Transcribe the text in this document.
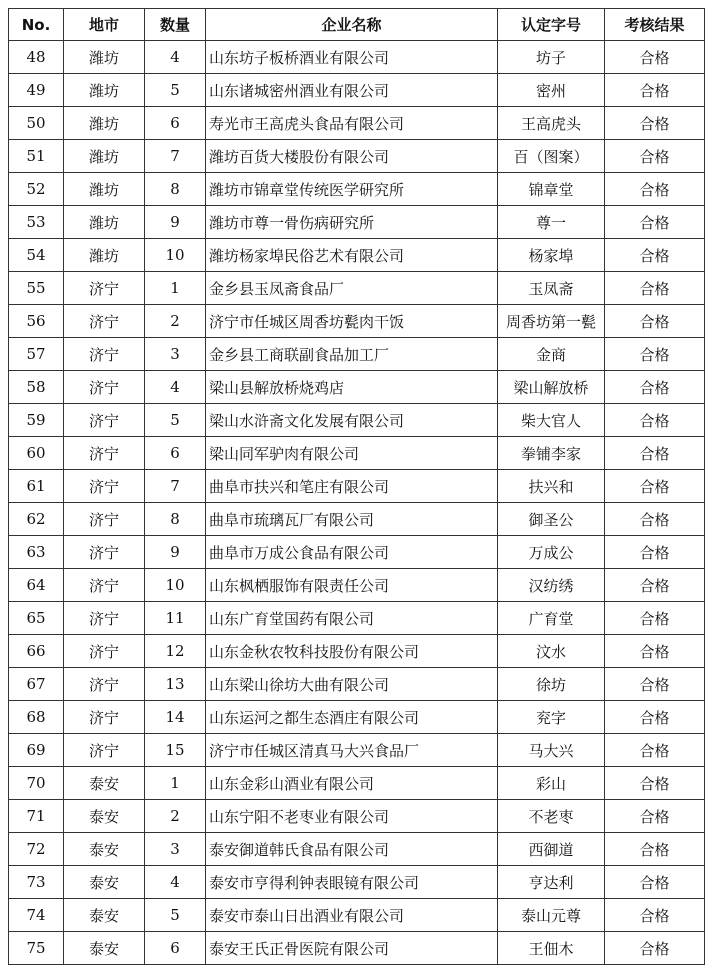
No.	地市	数量	企业名称	认定字号	考核结果
48	潍坊	4	山东坊子板桥酒业有限公司	坊子	合格
49	潍坊	5	山东诸城密州酒业有限公司	密州	合格
50	潍坊	6	寿光市王高虎头食品有限公司	王高虎头	合格
51	潍坊	7	潍坊百货大楼股份有限公司	百（图案）	合格
52	潍坊	8	潍坊市锦章堂传统医学研究所	锦章堂	合格
53	潍坊	9	潍坊市尊一骨伤病研究所	尊一	合格
54	潍坊	10	潍坊杨家埠民俗艺术有限公司	杨家埠	合格
55	济宁	1	金乡县玉凤斋食品厂	玉凤斋	合格
56	济宁	2	济宁市任城区周香坊甏肉干饭	周香坊第一甏	合格
57	济宁	3	金乡县工商联副食品加工厂	金商	合格
58	济宁	4	梁山县解放桥烧鸡店	梁山解放桥	合格
59	济宁	5	梁山水浒斋文化发展有限公司	柴大官人	合格
60	济宁	6	梁山同军驴肉有限公司	拳铺李家	合格
61	济宁	7	曲阜市扶兴和笔庄有限公司	扶兴和	合格
62	济宁	8	曲阜市琉璃瓦厂有限公司	御圣公	合格
63	济宁	9	曲阜市万成公食品有限公司	万成公	合格
64	济宁	10	山东枫栖服饰有限责任公司	汉纺绣	合格
65	济宁	11	山东广育堂国药有限公司	广育堂	合格
66	济宁	12	山东金秋农牧科技股份有限公司	汶水	合格
67	济宁	13	山东梁山徐坊大曲有限公司	徐坊	合格
68	济宁	14	山东运河之都生态酒庄有限公司	兖字	合格
69	济宁	15	济宁市任城区清真马大兴食品厂	马大兴	合格
70	泰安	1	山东金彩山酒业有限公司	彩山	合格
71	泰安	2	山东宁阳不老枣业有限公司	不老枣	合格
72	泰安	3	泰安御道韩氏食品有限公司	西御道	合格
73	泰安	4	泰安市亨得利钟表眼镜有限公司	亨达利	合格
74	泰安	5	泰安市泰山日出酒业有限公司	泰山元尊	合格
75	泰安	6	泰安王氏正骨医院有限公司	王佃木	合格
